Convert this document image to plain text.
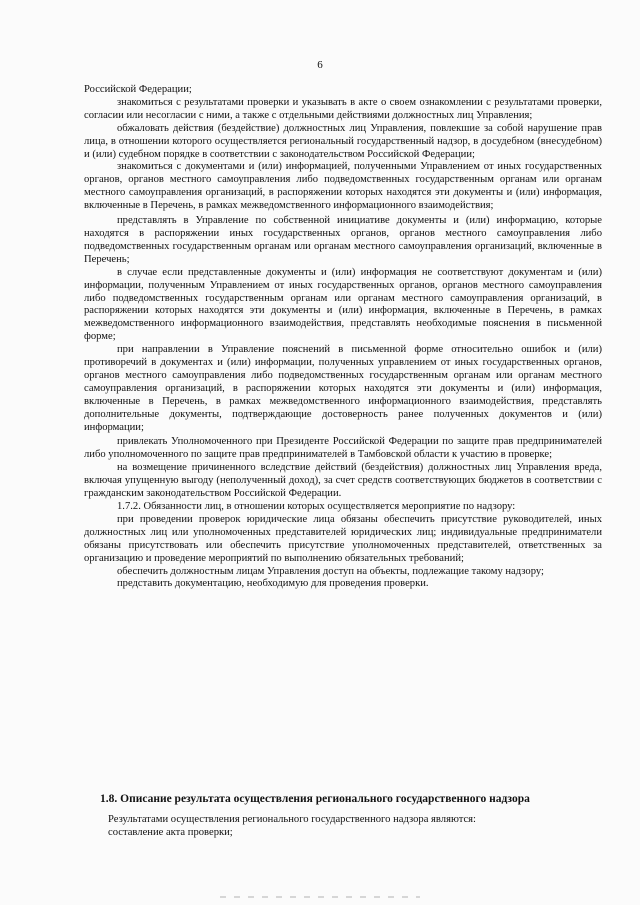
6

Российской Федерации;

знакомиться с результатами проверки и указывать в акте о своем ознакомлении с результатами проверки, согласии или несогласии с ними, а также с отдельными действиями должностных лиц Управления;

обжаловать действия (бездействие) должностных лиц Управления, повлекшие за собой нарушение прав лица, в отношении которого осуществляется региональный государственный надзор, в досудебном (внесудебном) и (или) судебном порядке в соответствии с законодательством Российской Федерации;

знакомиться с документами и (или) информацией, полученными Управлением от иных государственных органов, органов местного самоуправления либо подведомственных государственным органам или органам местного самоуправления организаций, в распоряжении которых находятся эти документы и (или) информация, включенные в Перечень, в рамках межведомственного информационного взаимодействия;

представлять в Управление по собственной инициативе документы и (или) информацию, которые находятся в распоряжении иных государственных органов, органов местного самоуправления либо подведомственных государственным органам или органам местного самоуправления организаций, включенные в Перечень;

в случае если представленные документы и (или) информация не соответствуют документам и (или) информации, полученным Управлением от иных государственных органов, органов местного самоуправления либо подведомственных государственным органам или органам местного самоуправления организаций, в распоряжении которых находятся эти документы и (или) информация, включенные в Перечень, в рамках межведомственного информационного взаимодействия, представлять необходимые пояснения в письменной форме;

при направлении в Управление пояснений в письменной форме относительно ошибок и (или) противоречий в документах и (или) информации, полученных управлением от иных государственных органов, органов местного самоуправления либо подведомственных государственным органам или органам местного самоуправления организаций, в распоряжении которых находятся эти документы и (или) информация, включенные в Перечень, в рамках межведомственного информационного взаимодействия, представлять дополнительные документы, подтверждающие достоверность ранее полученных документов и (или) информации;

привлекать Уполномоченного при Президенте Российской Федерации по защите прав предпринимателей либо уполномоченного по защите прав предпринимателей в Тамбовской области к участию в проверке;

на возмещение причиненного вследствие действий (бездействия) должностных лиц Управления вреда, включая упущенную выгоду (неполученный доход), за счет средств соответствующих бюджетов в соответствии с гражданским законодательством Российской Федерации.

1.7.2. Обязанности лиц, в отношении которых осуществляется мероприятие по надзору:

при проведении проверок юридические лица обязаны обеспечить присутствие руководителей, иных должностных лиц или уполномоченных представителей юридических лиц; индивидуальные предприниматели обязаны присутствовать или обеспечить присутствие уполномоченных представителей, ответственных за организацию и проведение мероприятий по выполнению обязательных требований;

обеспечить должностным лицам Управления доступ на объекты, подлежащие такому надзору;

представить документацию, необходимую для проведения проверки.

1.8. Описание результата осуществления регионального государственного надзора

Результатами осуществления регионального государственного надзора являются:

составление акта проверки;
